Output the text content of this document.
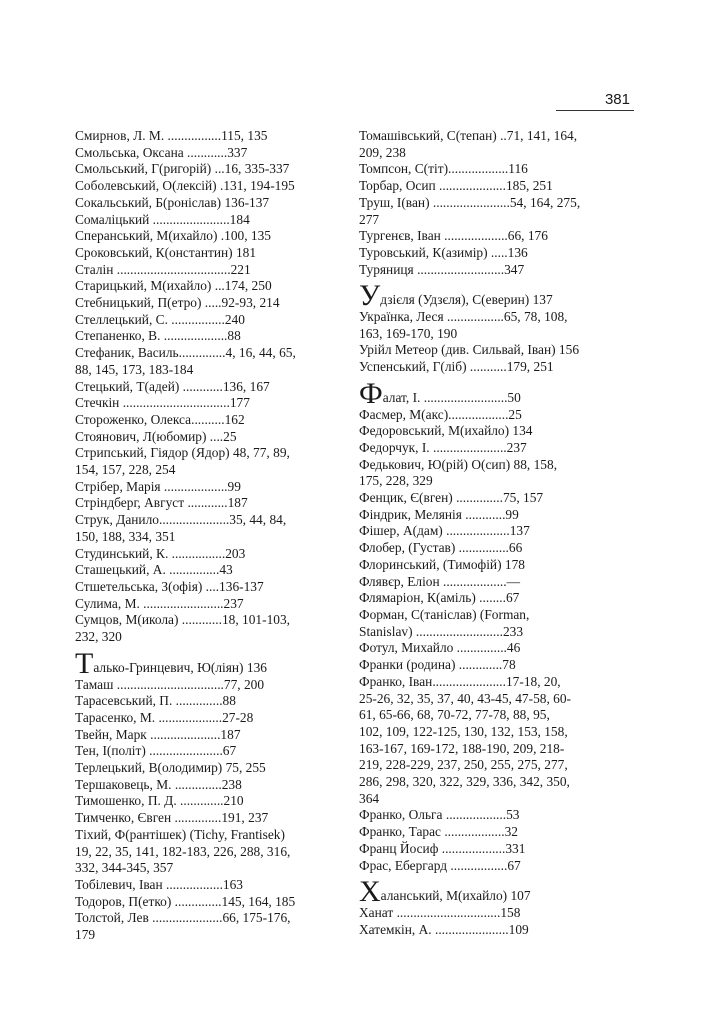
381
Смирнов, Л. М. ................115, 135
Смольська, Оксана ............337
Смольський, Г(ригорій) ...16, 335-337
Соболевський, О(лексій) .131, 194-195
Сокальський, Б(роніслав) 136-137
Сомаліцький .......................184
Сперанський, М(ихайло) .100, 135
Сроковський, К(онстантин) 181
Сталін ..................................221
Старицький, М(ихайло) ...174, 250
Стебницький, П(етро) .....92-93, 214
Стеллецький, С. ................240
Степаненко, В. ...................88
Стефаник, Василь..............4, 16, 44, 65,
88, 145, 173, 183-184
Стецький, Т(адей) ............136, 167
Стечкін ................................177
Стороженко, Олекса..........162
Стоянович, Л(юбомир) ....25
Стрипський, Гіядор (Ядор) 48, 77, 89,
154, 157, 228, 254
Стрібер, Марія ...................99
Стріндберг, Август ............187
Струк, Данило.....................35, 44, 84,
150, 188, 334, 351
Студинський, К. ................203
Сташецький, А. ...............43
Стшетельська, З(офія) ....136-137
Сулима, М. ........................237
Сумцов, М(икола) ............18, 101-103,
232, 320
Талько-Гринцевич, Ю(ліян) 136
Тамаш ................................77, 200
Тарасевський, П. ..............88
Тарасенко, М. ...................27-28
Твейн, Марк .....................187
Тен, І(політ) ......................67
Терлецький, В(олодимир) 75, 255
Тершаковець, М. ..............238
Тимошенко, П. Д. .............210
Тимченко, Євген ..............191, 237
Тіхий, Ф(рантішек) (Tichy, Frantisek)
19, 22, 35, 141, 182-183, 226, 288, 316,
332, 344-345, 357
Тобілевич, Іван .................163
Тодоров, П(етко) ..............145, 164, 185
Толстой, Лев .....................66, 175-176,
179
Томашівський, С(тепан) ..71, 141, 164,
209, 238
Томпсон, С(тіт)..................116
Торбар, Осип ....................185, 251
Труш, І(ван) .......................54, 164, 275,
277
Тургенєв, Іван ...................66, 176
Туровський, К(азимір) .....136
Туряниця ..........................347
Удзієля (Удзєля), С(еверин) 137
Українка, Леся .................65, 78, 108,
163, 169-170, 190
Урійл Метеор (див. Сильвай, Іван) 156
Успенський, Г(ліб) ...........179, 251
Фалат, І. .........................50
Фасмер, М(акс)..................25
Федоровський, М(ихайло) 134
Федорчук, І. ......................237
Федькович, Ю(рій) О(сип) 88, 158,
175, 228, 329
Фенцик, Є(вген) ..............75, 157
Фіндрик, Мелянія ............99
Фішер, А(дам) ...................137
Флобер, (Густав) ...............66
Флоринський, (Тимофій) 178
Флявєр, Еліон ...................—
Флямаріон, К(аміль) ........67
Форман, С(таніслав) (Forman,
Stanislav) ..........................233
Фотул, Михайло ...............46
Франки (родина) .............78
Франко, Іван......................17-18, 20,
25-26, 32, 35, 37, 40, 43-45, 47-58, 60-
61, 65-66, 68, 70-72, 77-78, 88, 95,
102, 109, 122-125, 130, 132, 153, 158,
163-167, 169-172, 188-190, 209, 218-
219, 228-229, 237, 250, 255, 275, 277,
286, 298, 320, 322, 329, 336, 342, 350,
364
Франко, Ольга ..................53
Франко, Тарас ..................32
Франц Йосиф ...................331
Фрас, Ебергард .................67
Халанський, М(ихайло) 107
Ханат ...............................158
Хатемкін, А. ......................109
